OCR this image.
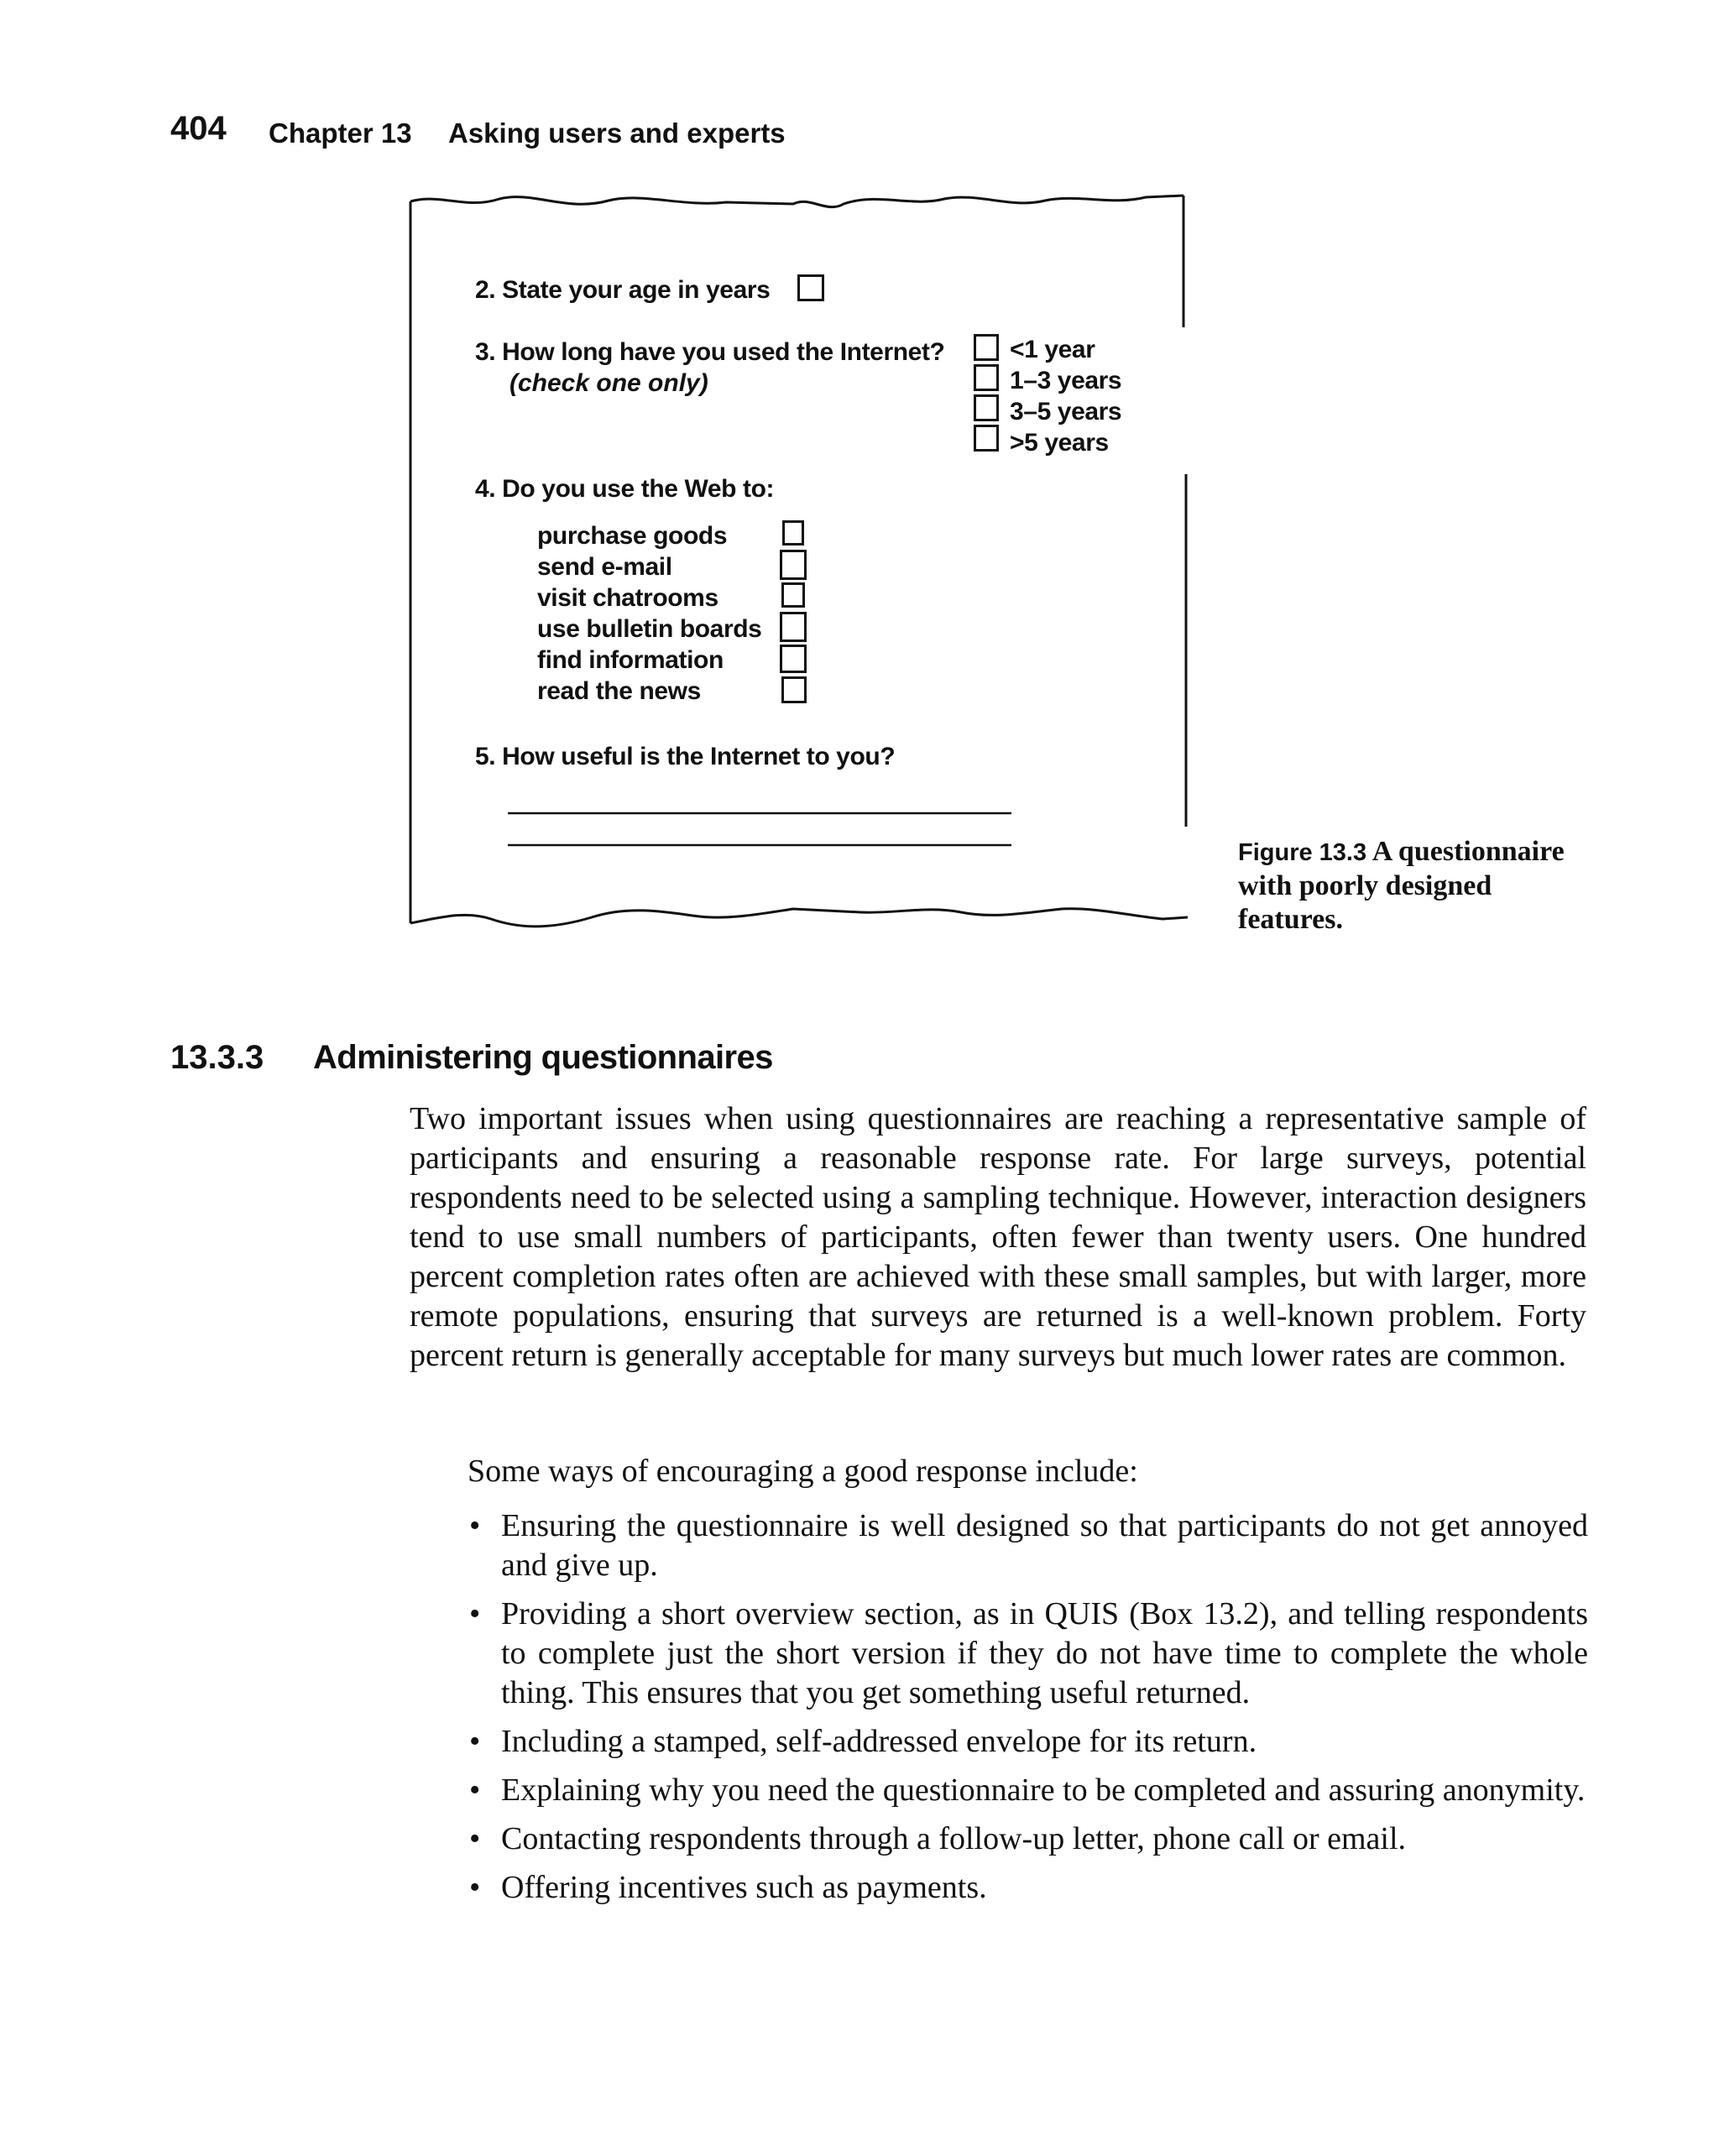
404 Chapter 13 Asking users and experts
2. State your age in years
3. How long have you used the Internet?
(check one only)
<1 year
1–3 years
3–5 years
>5 years
4. Do you use the Web to:
purchase goods
send e-mail
visit chatrooms
use bulletin boards
find information
read the news
5. How useful is the Internet to you?
Figure 13.3 A questionnaire with poorly designed features.
13.3.3 Administering questionnaires
Two important issues when using questionnaires are reaching a representative sample of participants and ensuring a reasonable response rate. For large surveys, potential respondents need to be selected using a sampling technique. However, interaction designers tend to use small numbers of participants, often fewer than twenty users. One hundred percent completion rates often are achieved with these small samples, but with larger, more remote populations, ensuring that surveys are returned is a well-known problem. Forty percent return is generally acceptable for many surveys but much lower rates are common.
Some ways of encouraging a good response include:
• Ensuring the questionnaire is well designed so that participants do not get annoyed and give up.
• Providing a short overview section, as in QUIS (Box 13.2), and telling respondents to complete just the short version if they do not have time to complete the whole thing. This ensures that you get something useful returned.
• Including a stamped, self-addressed envelope for its return.
• Explaining why you need the questionnaire to be completed and assuring anonymity.
• Contacting respondents through a follow-up letter, phone call or email.
• Offering incentives such as payments.
